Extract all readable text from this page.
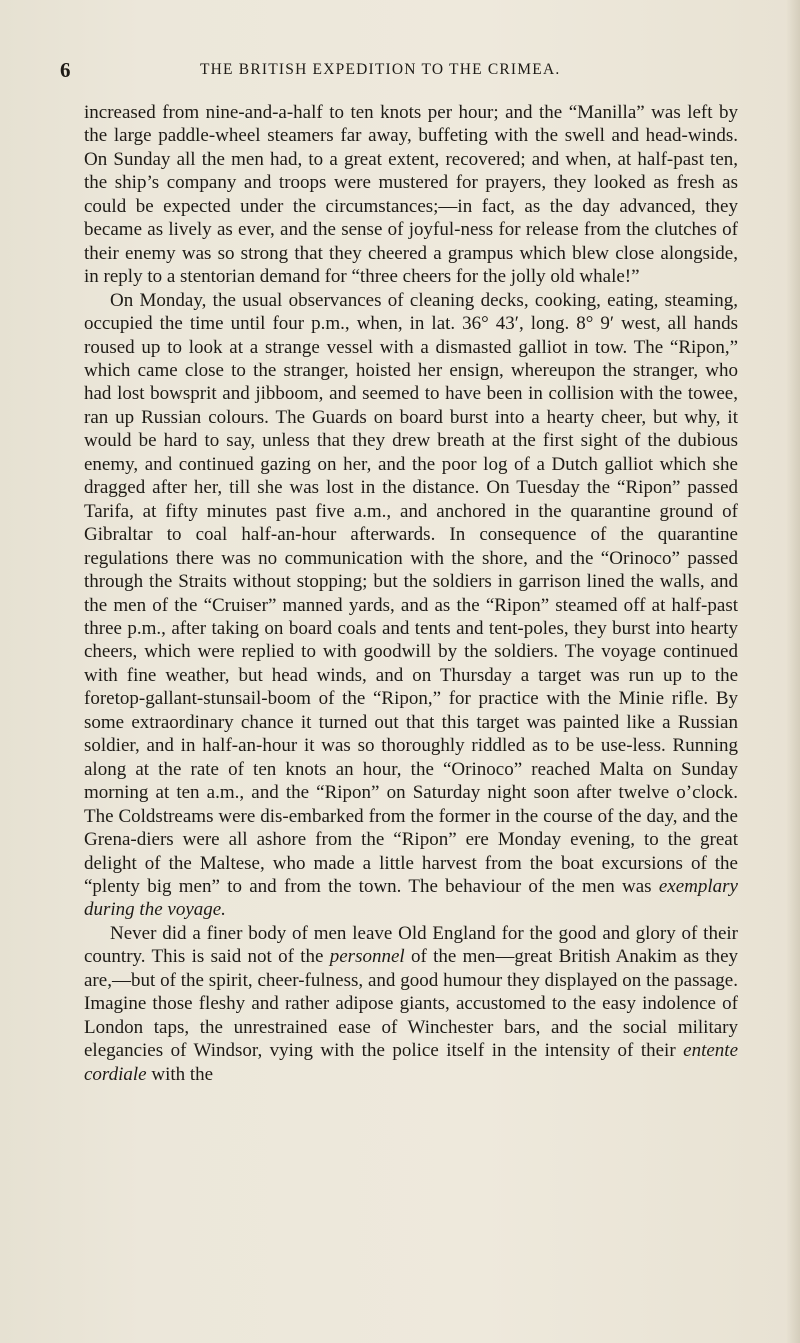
6	THE BRITISH EXPEDITION TO THE CRIMEA.

increased from nine-and-a-half to ten knots per hour; and the “Manilla” was left by the large paddle-wheel steamers far away, buffeting with the swell and head-winds. On Sunday all the men had, to a great extent, recovered; and when, at half-past ten, the ship’s company and troops were mustered for prayers, they looked as fresh as could be expected under the circumstances;—in fact, as the day advanced, they became as lively as ever, and the sense of joyful-ness for release from the clutches of their enemy was so strong that they cheered a grampus which blew close alongside, in reply to a stentorian demand for “three cheers for the jolly old whale!”

On Monday, the usual observances of cleaning decks, cooking, eating, steaming, occupied the time until four p.m., when, in lat. 36° 43′, long. 8° 9′ west, all hands roused up to look at a strange vessel with a dismasted galliot in tow. The “Ripon,” which came close to the stranger, hoisted her ensign, whereupon the stranger, who had lost bowsprit and jibboom, and seemed to have been in collision with the towee, ran up Russian colours. The Guards on board burst into a hearty cheer, but why, it would be hard to say, unless that they drew breath at the first sight of the dubious enemy, and continued gazing on her, and the poor log of a Dutch galliot which she dragged after her, till she was lost in the distance. On Tuesday the “Ripon” passed Tarifa, at fifty minutes past five a.m., and anchored in the quarantine ground of Gibraltar to coal half-an-hour afterwards. In consequence of the quarantine regulations there was no communication with the shore, and the “Orinoco” passed through the Straits without stopping; but the soldiers in garrison lined the walls, and the men of the “Cruiser” manned yards, and as the “Ripon” steamed off at half-past three p.m., after taking on board coals and tents and tent-poles, they burst into hearty cheers, which were replied to with goodwill by the soldiers. The voyage continued with fine weather, but head winds, and on Thursday a target was run up to the foretop-gallant-stunsail-boom of the “Ripon,” for practice with the Minie rifle. By some extraordinary chance it turned out that this target was painted like a Russian soldier, and in half-an-hour it was so thoroughly riddled as to be use-less. Running along at the rate of ten knots an hour, the “Orinoco” reached Malta on Sunday morning at ten a.m., and the “Ripon” on Saturday night soon after twelve o’clock. The Coldstreams were dis-embarked from the former in the course of the day, and the Grena-diers were all ashore from the “Ripon” ere Monday evening, to the great delight of the Maltese, who made a little harvest from the boat excursions of the “plenty big men” to and from the town. The behaviour of the men was exemplary during the voyage.

Never did a finer body of men leave Old England for the good and glory of their country. This is said not of the personnel of the men—great British Anakim as they are,—but of the spirit, cheer-fulness, and good humour they displayed on the passage. Imagine those fleshy and rather adipose giants, accustomed to the easy indolence of London taps, the unrestrained ease of Winchester bars, and the social military elegancies of Windsor, vying with the police itself in the intensity of their entente cordiale with the
